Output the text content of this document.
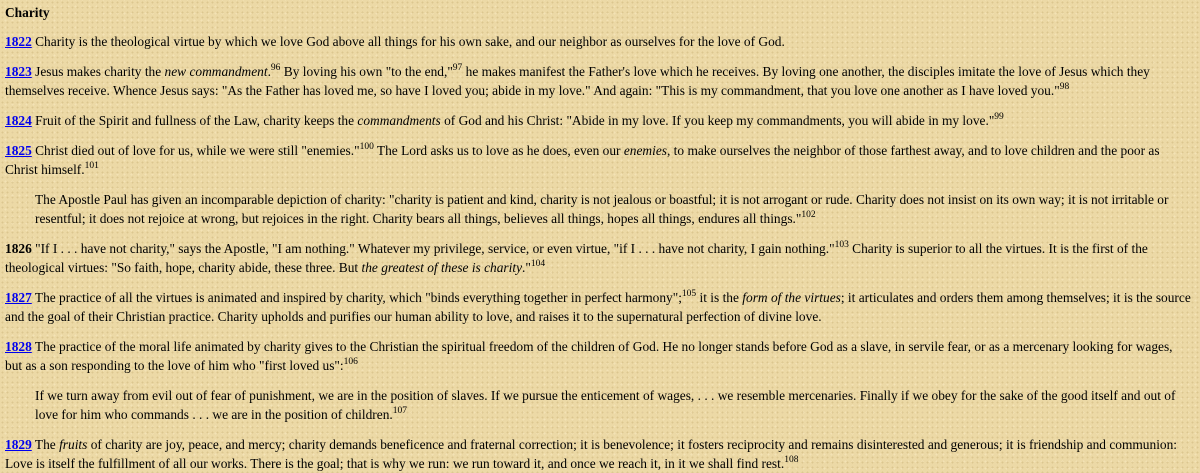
Charity

1822 Charity is the theological virtue by which we love God above all things for his own sake, and our neighbor as ourselves for the love of God.

1823 Jesus makes charity the new commandment.$^{96}$ By loving his own "to the end,"$^{97}$ he makes manifest the Father's love which he receives. By loving one another, the disciples imitate the love of Jesus which they themselves receive. Whence Jesus says: "As the Father has loved me, so have I loved you; abide in my love." And again: "This is my commandment, that you love one another as I have loved you."$^{98}$

1824 Fruit of the Spirit and fullness of the Law, charity keeps the commandments of God and his Christ: "Abide in my love. If you keep my commandments, you will abide in my love."$^{99}$

1825 Christ died out of love for us, while we were still "enemies."$^{100}$ The Lord asks us to love as he does, even our enemies, to make ourselves the neighbor of those farthest away, and to love children and the poor as Christ himself.$^{101}$

The Apostle Paul has given an incomparable depiction of charity: "charity is patient and kind, charity is not jealous or boastful; it is not arrogant or rude. Charity does not insist on its own way; it is not irritable or resentful; it does not rejoice at wrong, but rejoices in the right. Charity bears all things, believes all things, hopes all things, endures all things."$^{102}$

1826 "If I . . . have not charity," says the Apostle, "I am nothing." Whatever my privilege, service, or even virtue, "if I . . . have not charity, I gain nothing."$^{103}$ Charity is superior to all the virtues. It is the first of the theological virtues: "So faith, hope, charity abide, these three. But the greatest of these is charity."$^{104}$

1827 The practice of all the virtues is animated and inspired by charity, which "binds everything together in perfect harmony";$^{105}$ it is the form of the virtues; it articulates and orders them among themselves; it is the source and the goal of their Christian practice. Charity upholds and purifies our human ability to love, and raises it to the supernatural perfection of divine love.

1828 The practice of the moral life animated by charity gives to the Christian the spiritual freedom of the children of God. He no longer stands before God as a slave, in servile fear, or as a mercenary looking for wages, but as a son responding to the love of him who "first loved us":$^{106}$

If we turn away from evil out of fear of punishment, we are in the position of slaves. If we pursue the enticement of wages, . . . we resemble mercenaries. Finally if we obey for the sake of the good itself and out of love for him who commands . . . we are in the position of children.$^{107}$

1829 The fruits of charity are joy, peace, and mercy; charity demands beneficence and fraternal correction; it is benevolence; it fosters reciprocity and remains disinterested and generous; it is friendship and communion: Love is itself the fulfillment of all our works. There is the goal; that is why we run: we run toward it, and once we reach it, in it we shall find rest.$^{108}$
